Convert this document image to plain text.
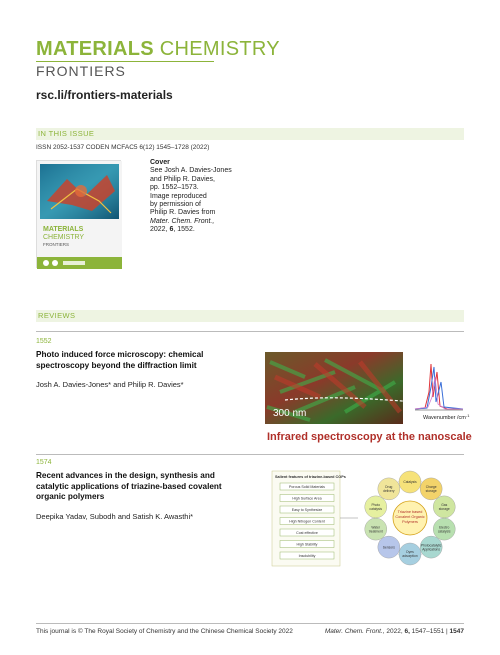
MATERIALS CHEMISTRY
FRONTIERS
rsc.li/frontiers-materials
IN THIS ISSUE
ISSN 2052-1537 CODEN MCFAC5 6(12) 1545–1728 (2022)
MATERIALS
CHEMISTRY
FRONTIERS
Cover
See Josh A. Davies-Jones
and Philip R. Davies,
pp. 1552–1573.
Image reproduced
by permission of
Philip R. Davies from
Mater. Chem. Front.,
2022, 6, 1552.
REVIEWS
1552
Photo induced force microscopy: chemical
spectroscopy beyond the diffraction limit
Josh A. Davies-Jones* and Philip R. Davies*
300 nm	Wavenumber $/cm^{-1}$
Infrared spectroscopy at the nanoscale
1574
Recent advances in the design, synthesis and
catalytic applications of triazine-based covalent
organic polymers
Deepika Yadav, Subodh and Satish K. Awasthi*
Salient features of triazine-based COPs
Porous Solid Materials
High Surface Area
Easy to Synthesize
High Nitrogen Content
Cost effective
High Stability
Insolubility
Catalysis
Charge
storage
Gas
storage
Electro
catalysis
Photocatalytic
Applications
Dyes
adsorption
Sensors
Water
treatment
Photo
catalysis
Drug
delivery
Triazine based
Covalent Organic
Polymers
This journal is © The Royal Society of Chemistry and the Chinese Chemical Society 2022	Mater. Chem. Front., 2022, 6, 1547–1551 | 1547
